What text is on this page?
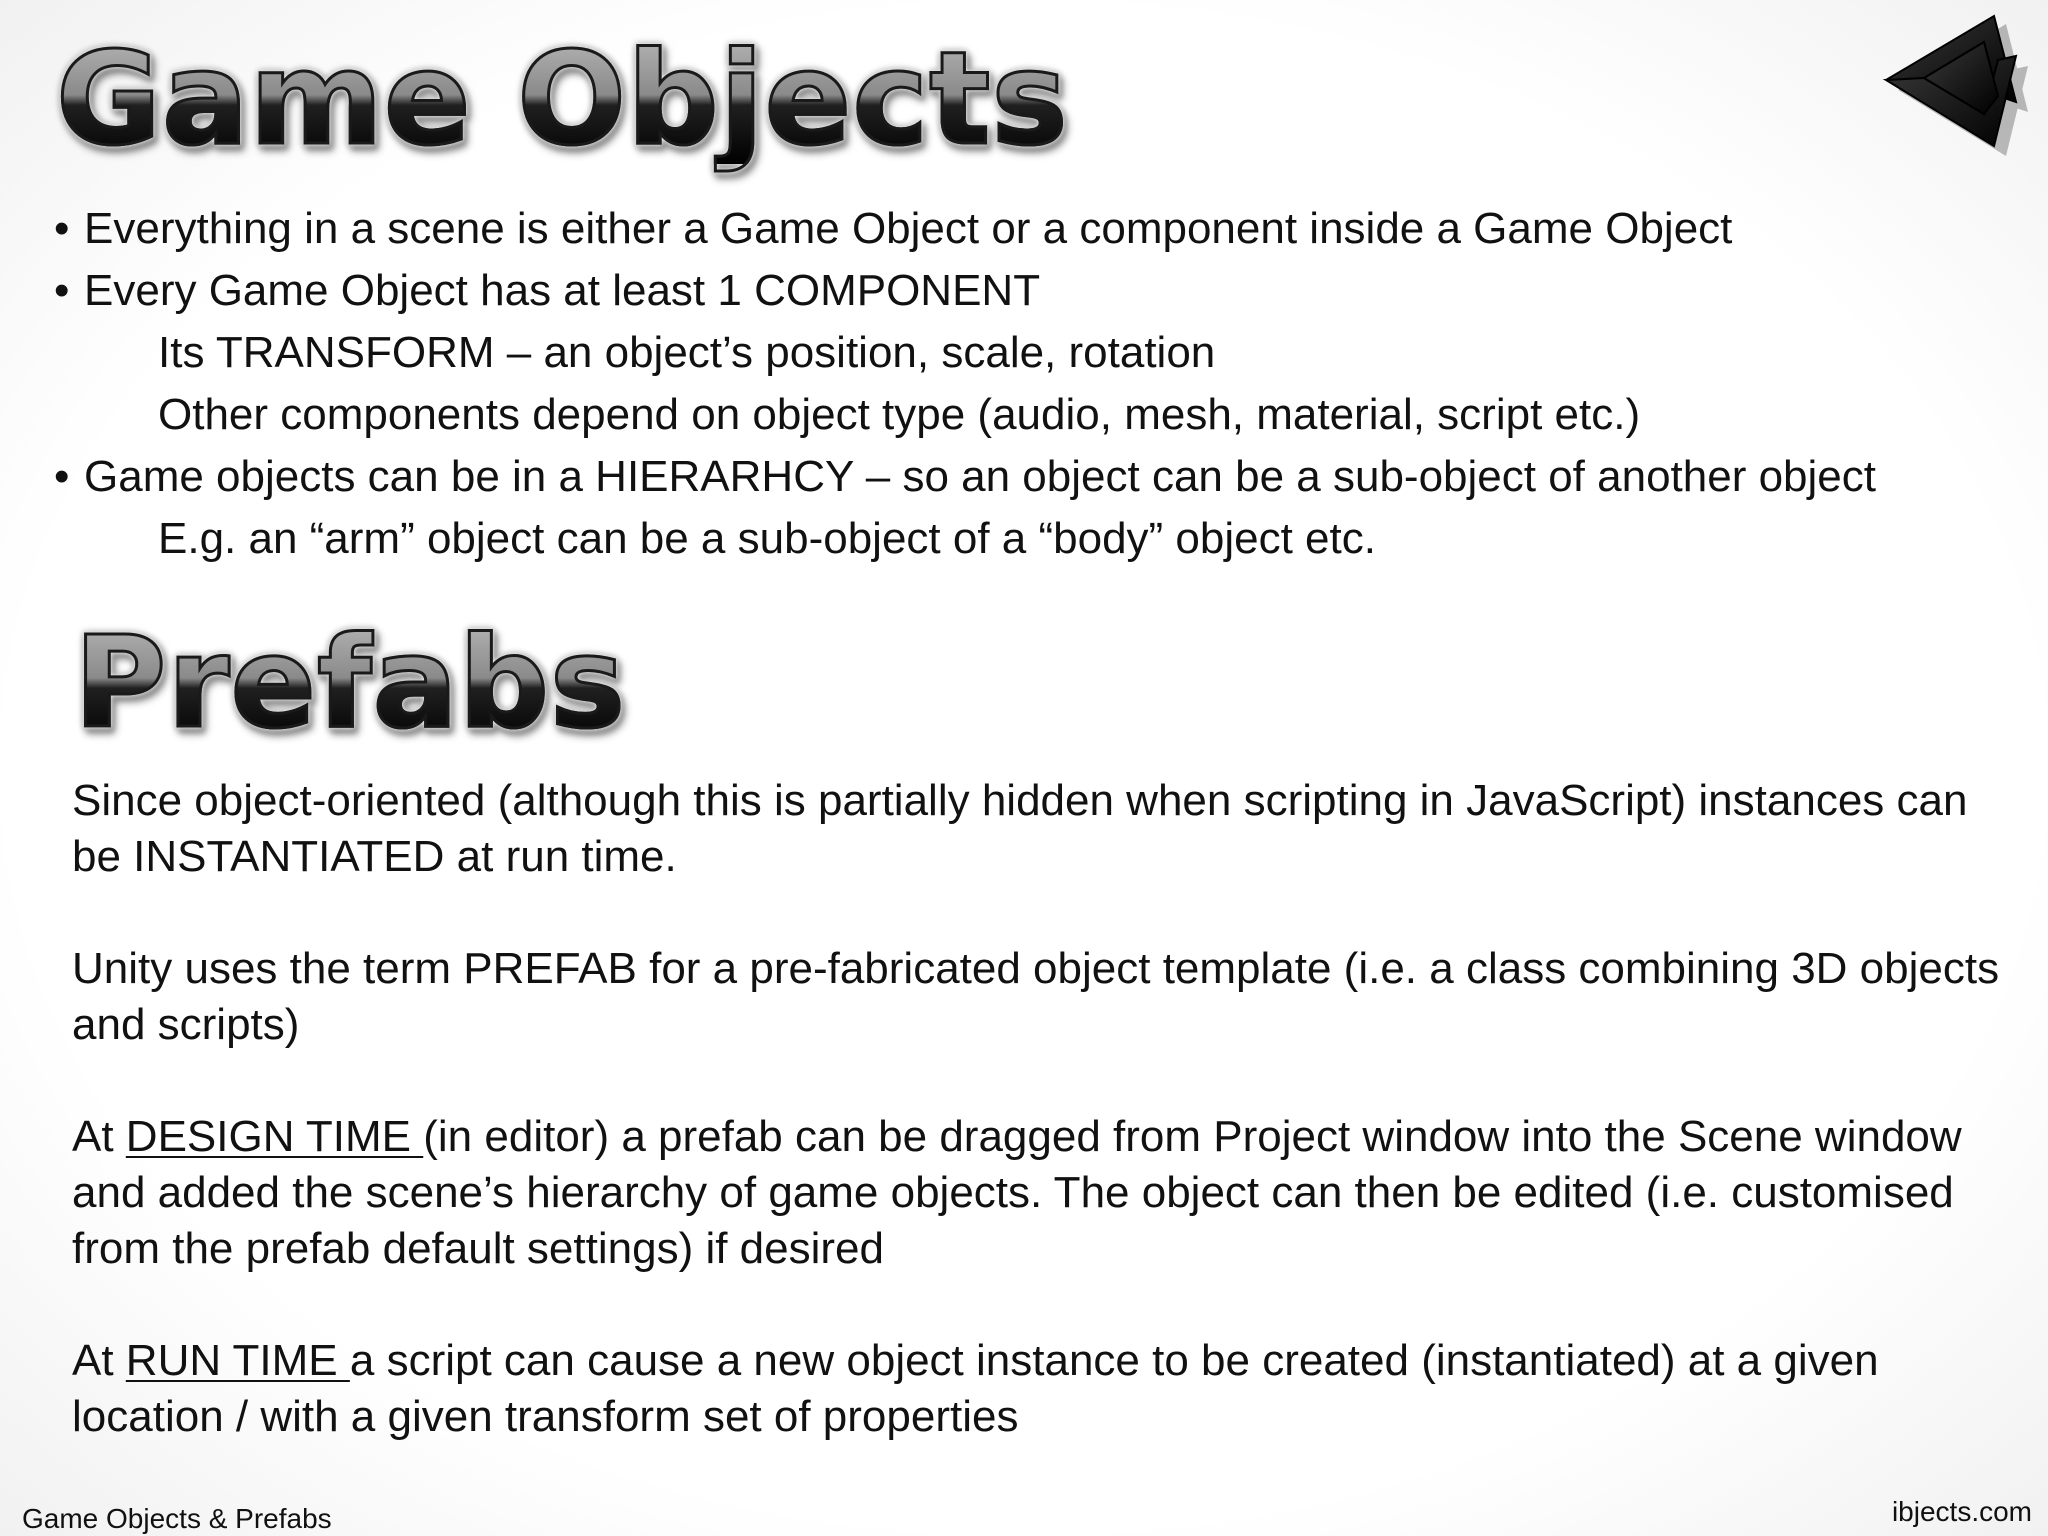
Game Objects
• Everything in a scene is either a Game Object or a component inside a Game Object
• Every Game Object has at least 1 COMPONENT
Its TRANSFORM – an object’s position, scale, rotation
Other components depend on object type (audio, mesh, material, script etc.)
• Game objects can be in a HIERARHCY – so an object can be a sub-object of another object
E.g. an “arm” object can be a sub-object of a “body” object etc.
Prefabs

Since object-oriented (although this is partially hidden when scripting in JavaScript) instances can be INSTANTIATED at run time.

Unity uses the term PREFAB for a pre-fabricated object template (i.e. a class combining 3D objects and scripts)

At DESIGN TIME (in editor) a prefab can be dragged from Project window into the Scene window and added the scene’s hierarchy of game objects. The object can then be edited (i.e. customised from the prefab default settings) if desired

At RUN TIME a script can cause a new object instance to be created (instantiated) at a given location / with a given transform set of properties

Game Objects & Prefabs	ibjects.com
